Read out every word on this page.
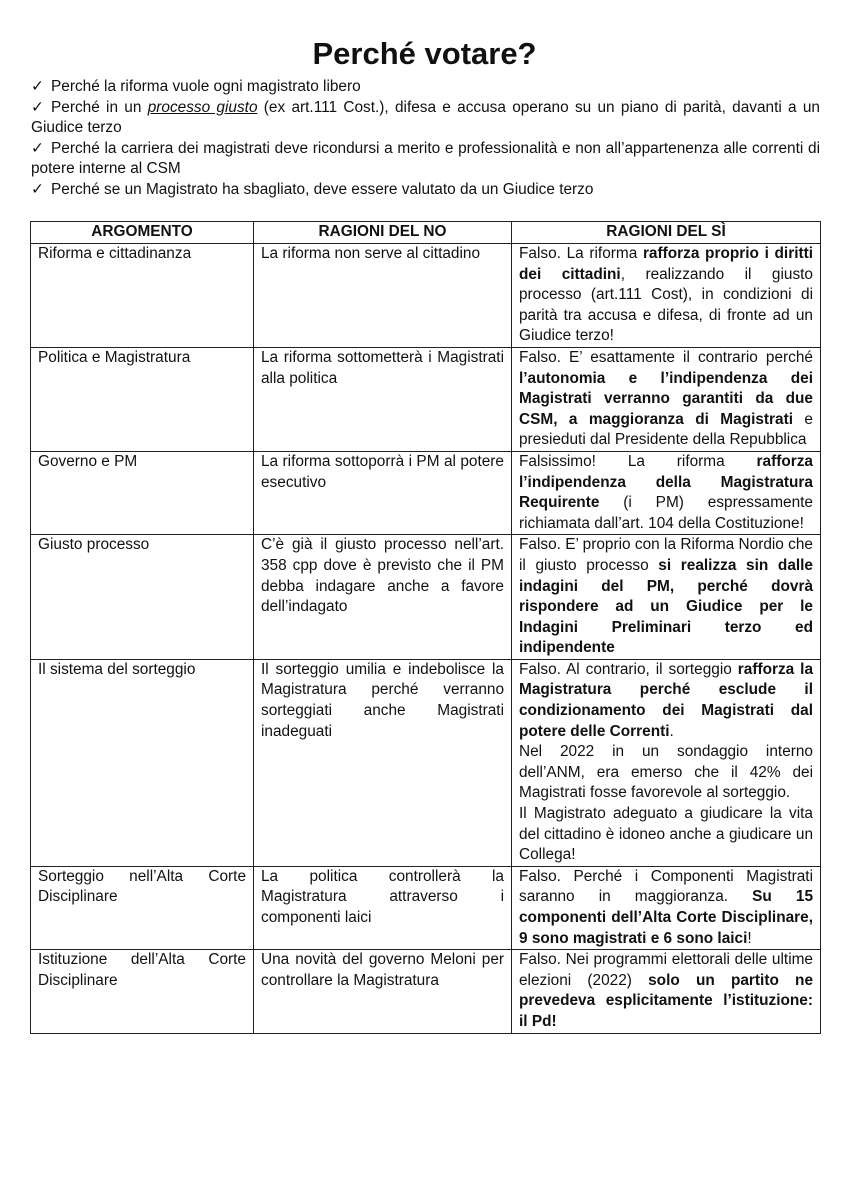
Perché votare?
✓ Perché la riforma vuole ogni magistrato libero
✓ Perché in un processo giusto (ex art.111 Cost.), difesa e accusa operano su un piano di parità, davanti a un Giudice terzo
✓ Perché la carriera dei magistrati deve ricondursi a merito e professionalità e non all’appartenenza alle correnti di potere interne al CSM
✓ Perché se un Magistrato ha sbagliato, deve essere valutato da un Giudice terzo
ARGOMENTO	RAGIONI DEL NO	RAGIONI DEL SÌ
Riforma e cittadinanza	La riforma non serve al cittadino	Falso. La riforma rafforza proprio i diritti dei cittadini, realizzando il giusto processo (art.111 Cost), in condizioni di parità tra accusa e difesa, di fronte ad un Giudice terzo!
Politica e Magistratura	La riforma sottometterà i Magistrati alla politica	Falso. E’ esattamente il contrario perché l’autonomia e l’indipendenza dei Magistrati verranno garantiti da due CSM, a maggioranza di Magistrati e presieduti dal Presidente della Repubblica
Governo e PM	La riforma sottoporrà i PM al potere esecutivo	Falsissimo! La riforma rafforza l’indipendenza della Magistratura Requirente (i PM) espressamente richiamata dall’art. 104 della Costituzione!
Giusto processo	C’è già il giusto processo nell’art. 358 cpp dove è previsto che il PM debba indagare anche a favore dell’indagato	Falso. E’ proprio con la Riforma Nordio che il giusto processo si realizza sin dalle indagini del PM, perché dovrà rispondere ad un Giudice per le Indagini Preliminari terzo ed indipendente
Il sistema del sorteggio	Il sorteggio umilia e indebolisce la Magistratura perché verranno sorteggiati anche Magistrati inadeguati	Falso. Al contrario, il sorteggio rafforza la Magistratura perché esclude il condizionamento dei Magistrati dal potere delle Correnti.
Nel 2022 in un sondaggio interno dell’ANM, era emerso che il 42% dei Magistrati fosse favorevole al sorteggio.
Il Magistrato adeguato a giudicare la vita del cittadino è idoneo anche a giudicare un Collega!
Sorteggio nell’Alta Corte Disciplinare	La politica controllerà la Magistratura attraverso i componenti laici	Falso. Perché i Componenti Magistrati saranno in maggioranza. Su 15 componenti dell’Alta Corte Disciplinare, 9 sono magistrati e 6 sono laici!
Istituzione dell’Alta Corte Disciplinare	Una novità del governo Meloni per controllare la Magistratura	Falso. Nei programmi elettorali delle ultime elezioni (2022) solo un partito ne prevedeva esplicitamente l’istituzione: il Pd!
